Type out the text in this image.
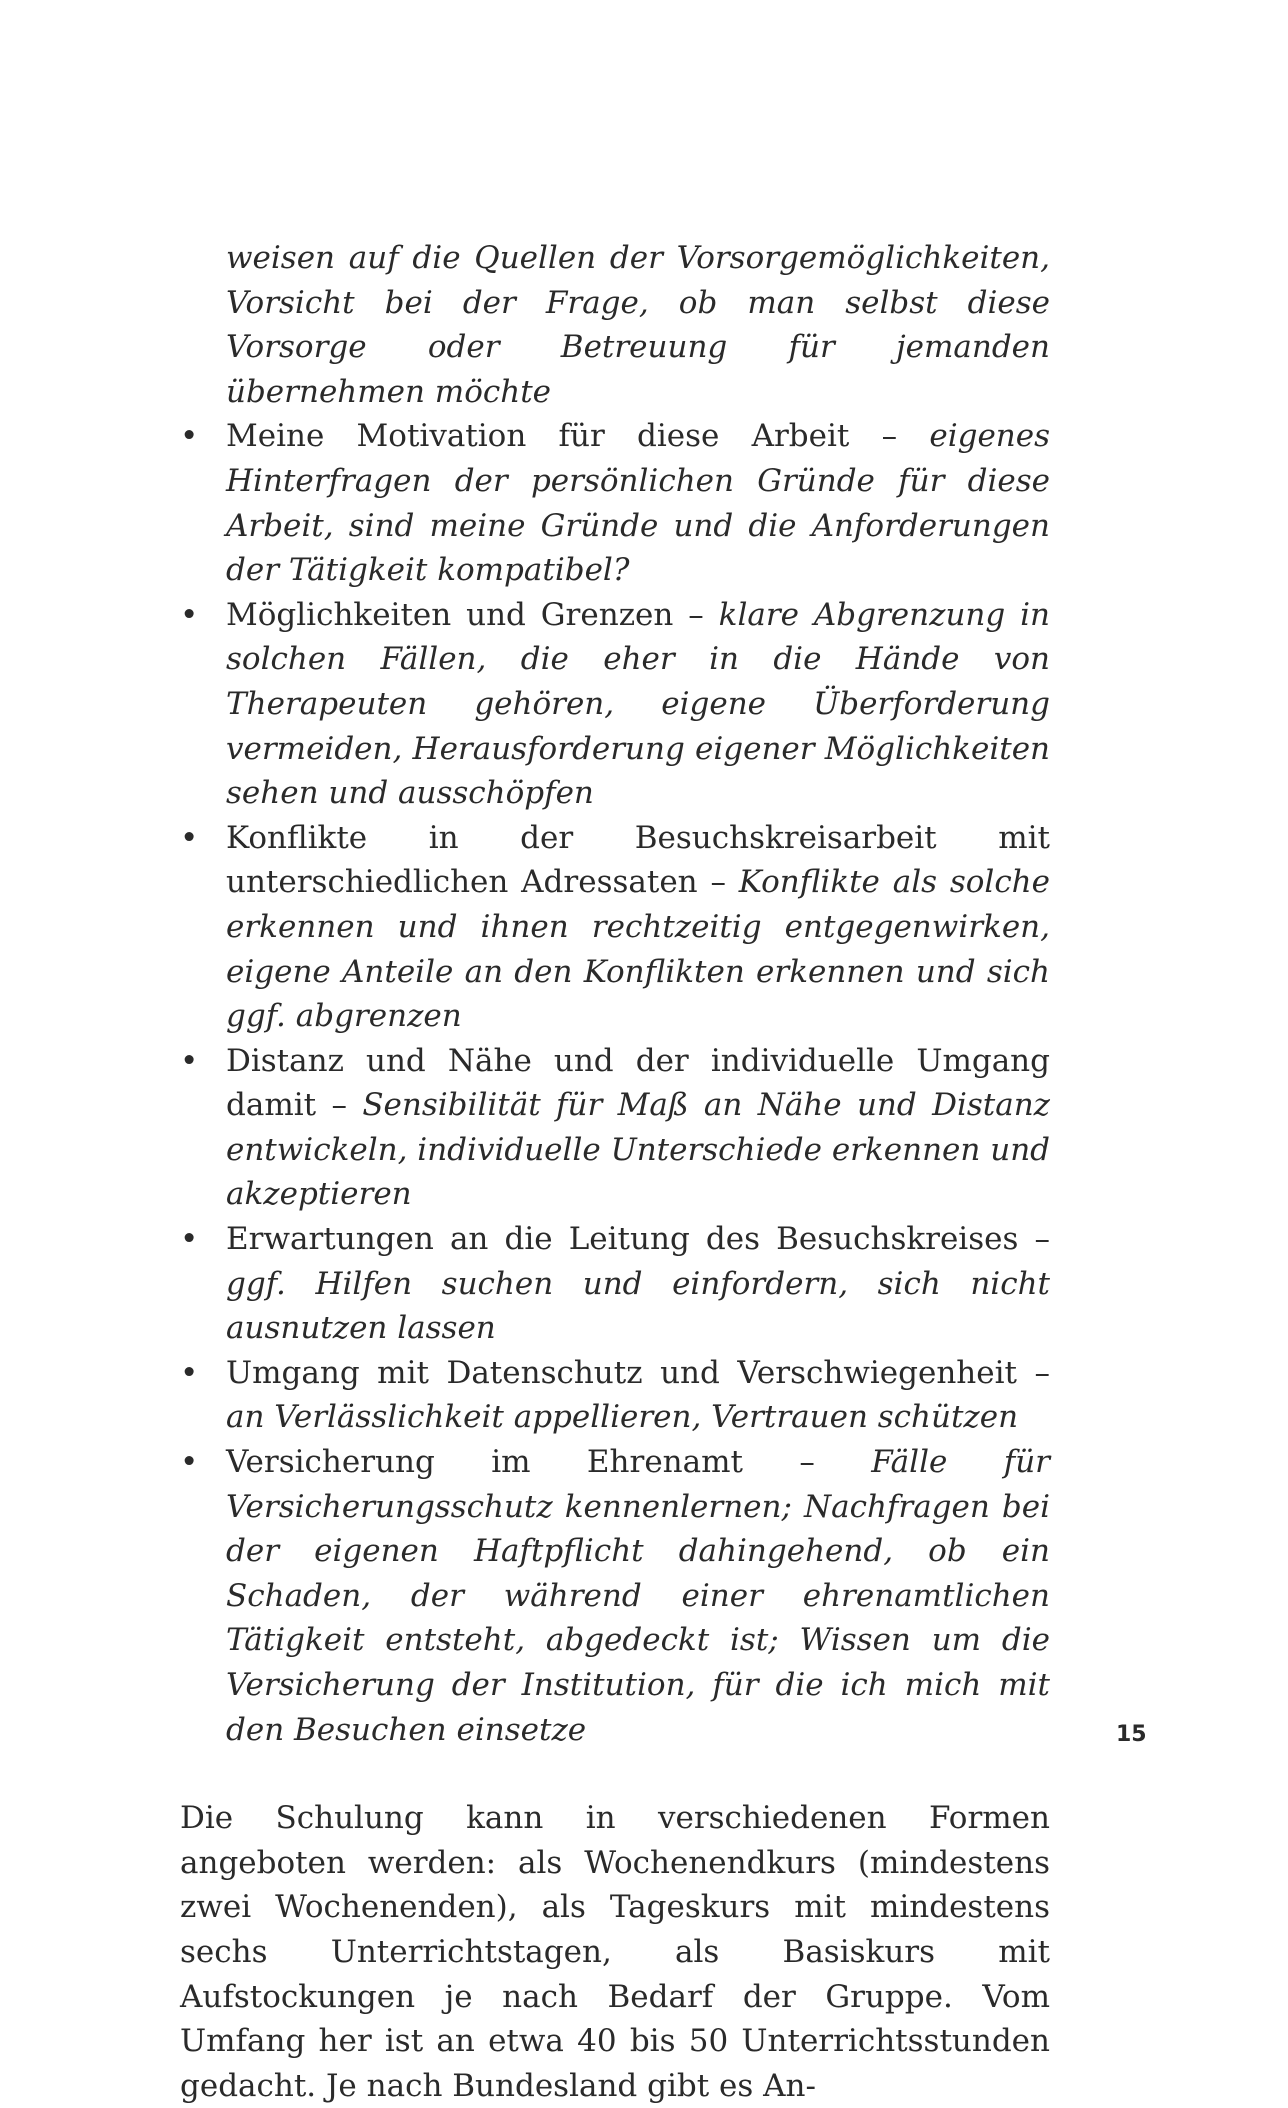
weisen auf die Quellen der Vorsorgemöglichkeiten, Vorsicht bei der Frage, ob man selbst diese Vorsorge oder Betreuung für jemanden übernehmen möchte

• Meine Motivation für diese Arbeit – eigenes Hinterfragen der persönlichen Gründe für diese Arbeit, sind meine Gründe und die Anforderungen der Tätigkeit kompatibel?
• Möglichkeiten und Grenzen – klare Abgrenzung in solchen Fällen, die eher in die Hände von Therapeuten gehören, eigene Überforderung vermeiden, Herausforderung eigener Möglichkeiten sehen und ausschöpfen
• Konflikte in der Besuchskreisarbeit mit unterschiedlichen Adressaten – Konflikte als solche erkennen und ihnen rechtzeitig entgegenwirken, eigene Anteile an den Konflikten erkennen und sich ggf. abgrenzen
• Distanz und Nähe und der individuelle Umgang damit – Sensibilität für Maß an Nähe und Distanz entwickeln, individuelle Unterschiede erkennen und akzeptieren
• Erwartungen an die Leitung des Besuchskreises – ggf. Hilfen suchen und einfordern, sich nicht ausnutzen lassen
• Umgang mit Datenschutz und Verschwiegenheit – an Verlässlichkeit appellieren, Vertrauen schützen
• Versicherung im Ehrenamt – Fälle für Versicherungsschutz kennenlernen; Nachfragen bei der eigenen Haftpflicht dahingehend, ob ein Schaden, der während einer ehrenamtlichen Tätigkeit entsteht, abgedeckt ist; Wissen um die Versicherung der Institution, für die ich mich mit den Besuchen einsetze

Die Schulung kann in verschiedenen Formen angeboten werden: als Wochenendkurs (mindestens zwei Wochenenden), als Tageskurs mit mindestens sechs Unterrichtstagen, als Basiskurs mit Aufstockungen je nach Bedarf der Gruppe. Vom Umfang her ist an etwa 40 bis 50 Unterrichtsstunden gedacht. Je nach Bundesland gibt es An-

15
